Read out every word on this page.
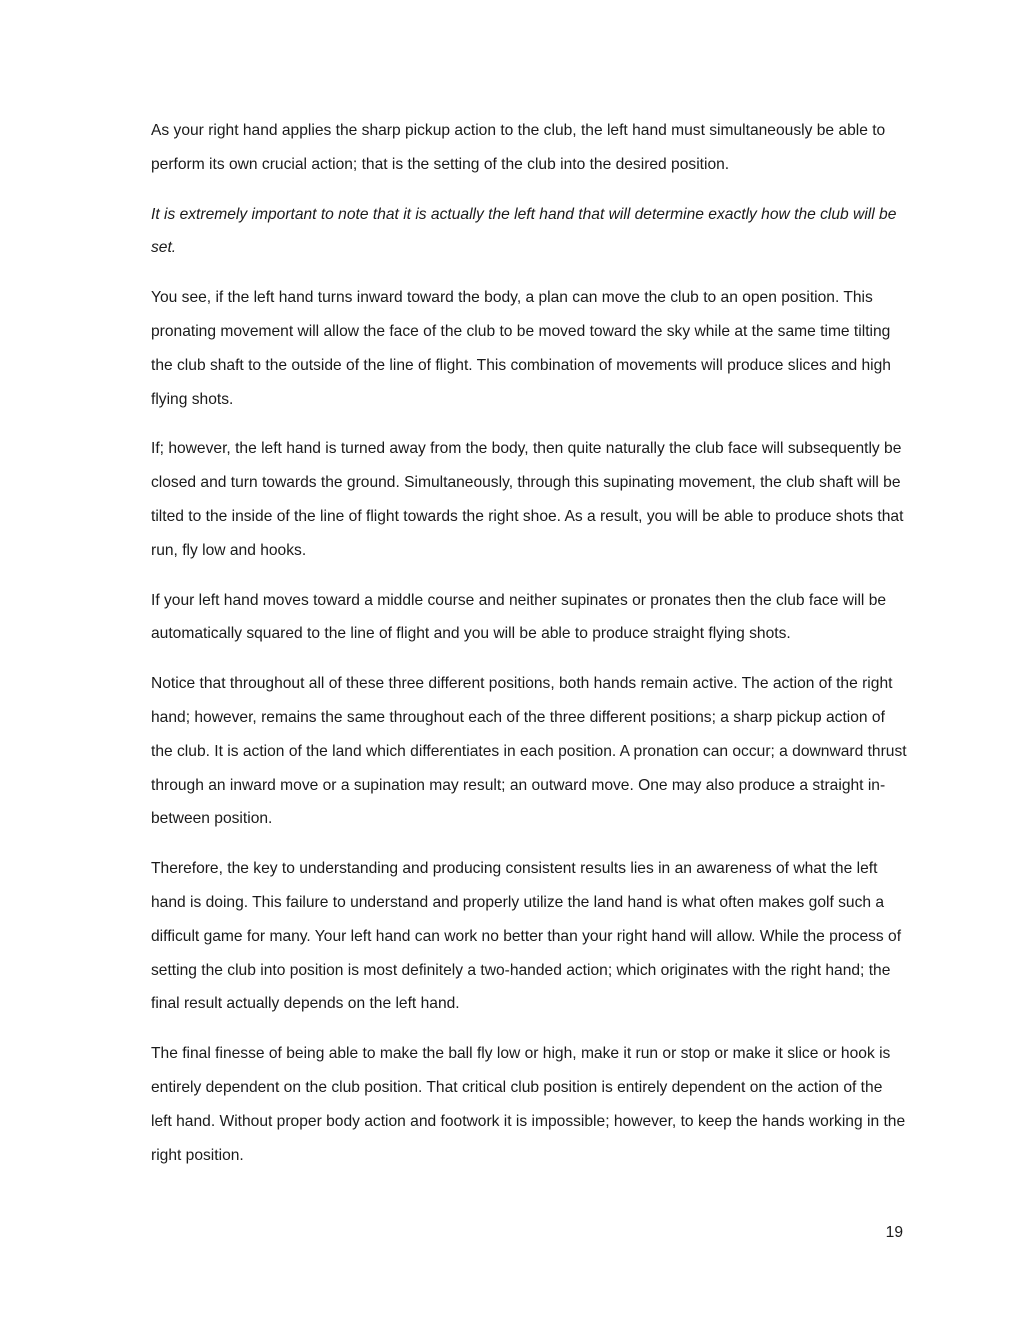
As your right hand applies the sharp pickup action to the club, the left hand must simultaneously be able to perform its own crucial action; that is the setting of the club into the desired position.

It is extremely important to note that it is actually the left hand that will determine exactly how the club will be set.

You see, if the left hand turns inward toward the body, a plan can move the club to an open position. This pronating movement will allow the face of the club to be moved toward the sky while at the same time tilting the club shaft to the outside of the line of flight. This combination of movements will produce slices and high flying shots.

If; however, the left hand is turned away from the body, then quite naturally the club face will subsequently be closed and turn towards the ground. Simultaneously, through this supinating movement, the club shaft will be tilted to the inside of the line of flight towards the right shoe. As a result, you will be able to produce shots that run, fly low and hooks.

If your left hand moves toward a middle course and neither supinates or pronates then the club face will be automatically squared to the line of flight and you will be able to produce straight flying shots.

Notice that throughout all of these three different positions, both hands remain active. The action of the right hand; however, remains the same throughout each of the three different positions; a sharp pickup action of the club. It is action of the land which differentiates in each position. A pronation can occur; a downward thrust through an inward move or a supination may result; an outward move. One may also produce a straight in-between position.

Therefore, the key to understanding and producing consistent results lies in an awareness of what the left hand is doing. This failure to understand and properly utilize the land hand is what often makes golf such a difficult game for many. Your left hand can work no better than your right hand will allow. While the process of setting the club into position is most definitely a two-handed action; which originates with the right hand; the final result actually depends on the left hand.

The final finesse of being able to make the ball fly low or high, make it run or stop or make it slice or hook is entirely dependent on the club position. That critical club position is entirely dependent on the action of the left hand. Without proper body action and footwork it is impossible; however, to keep the hands working in the right position.

19
